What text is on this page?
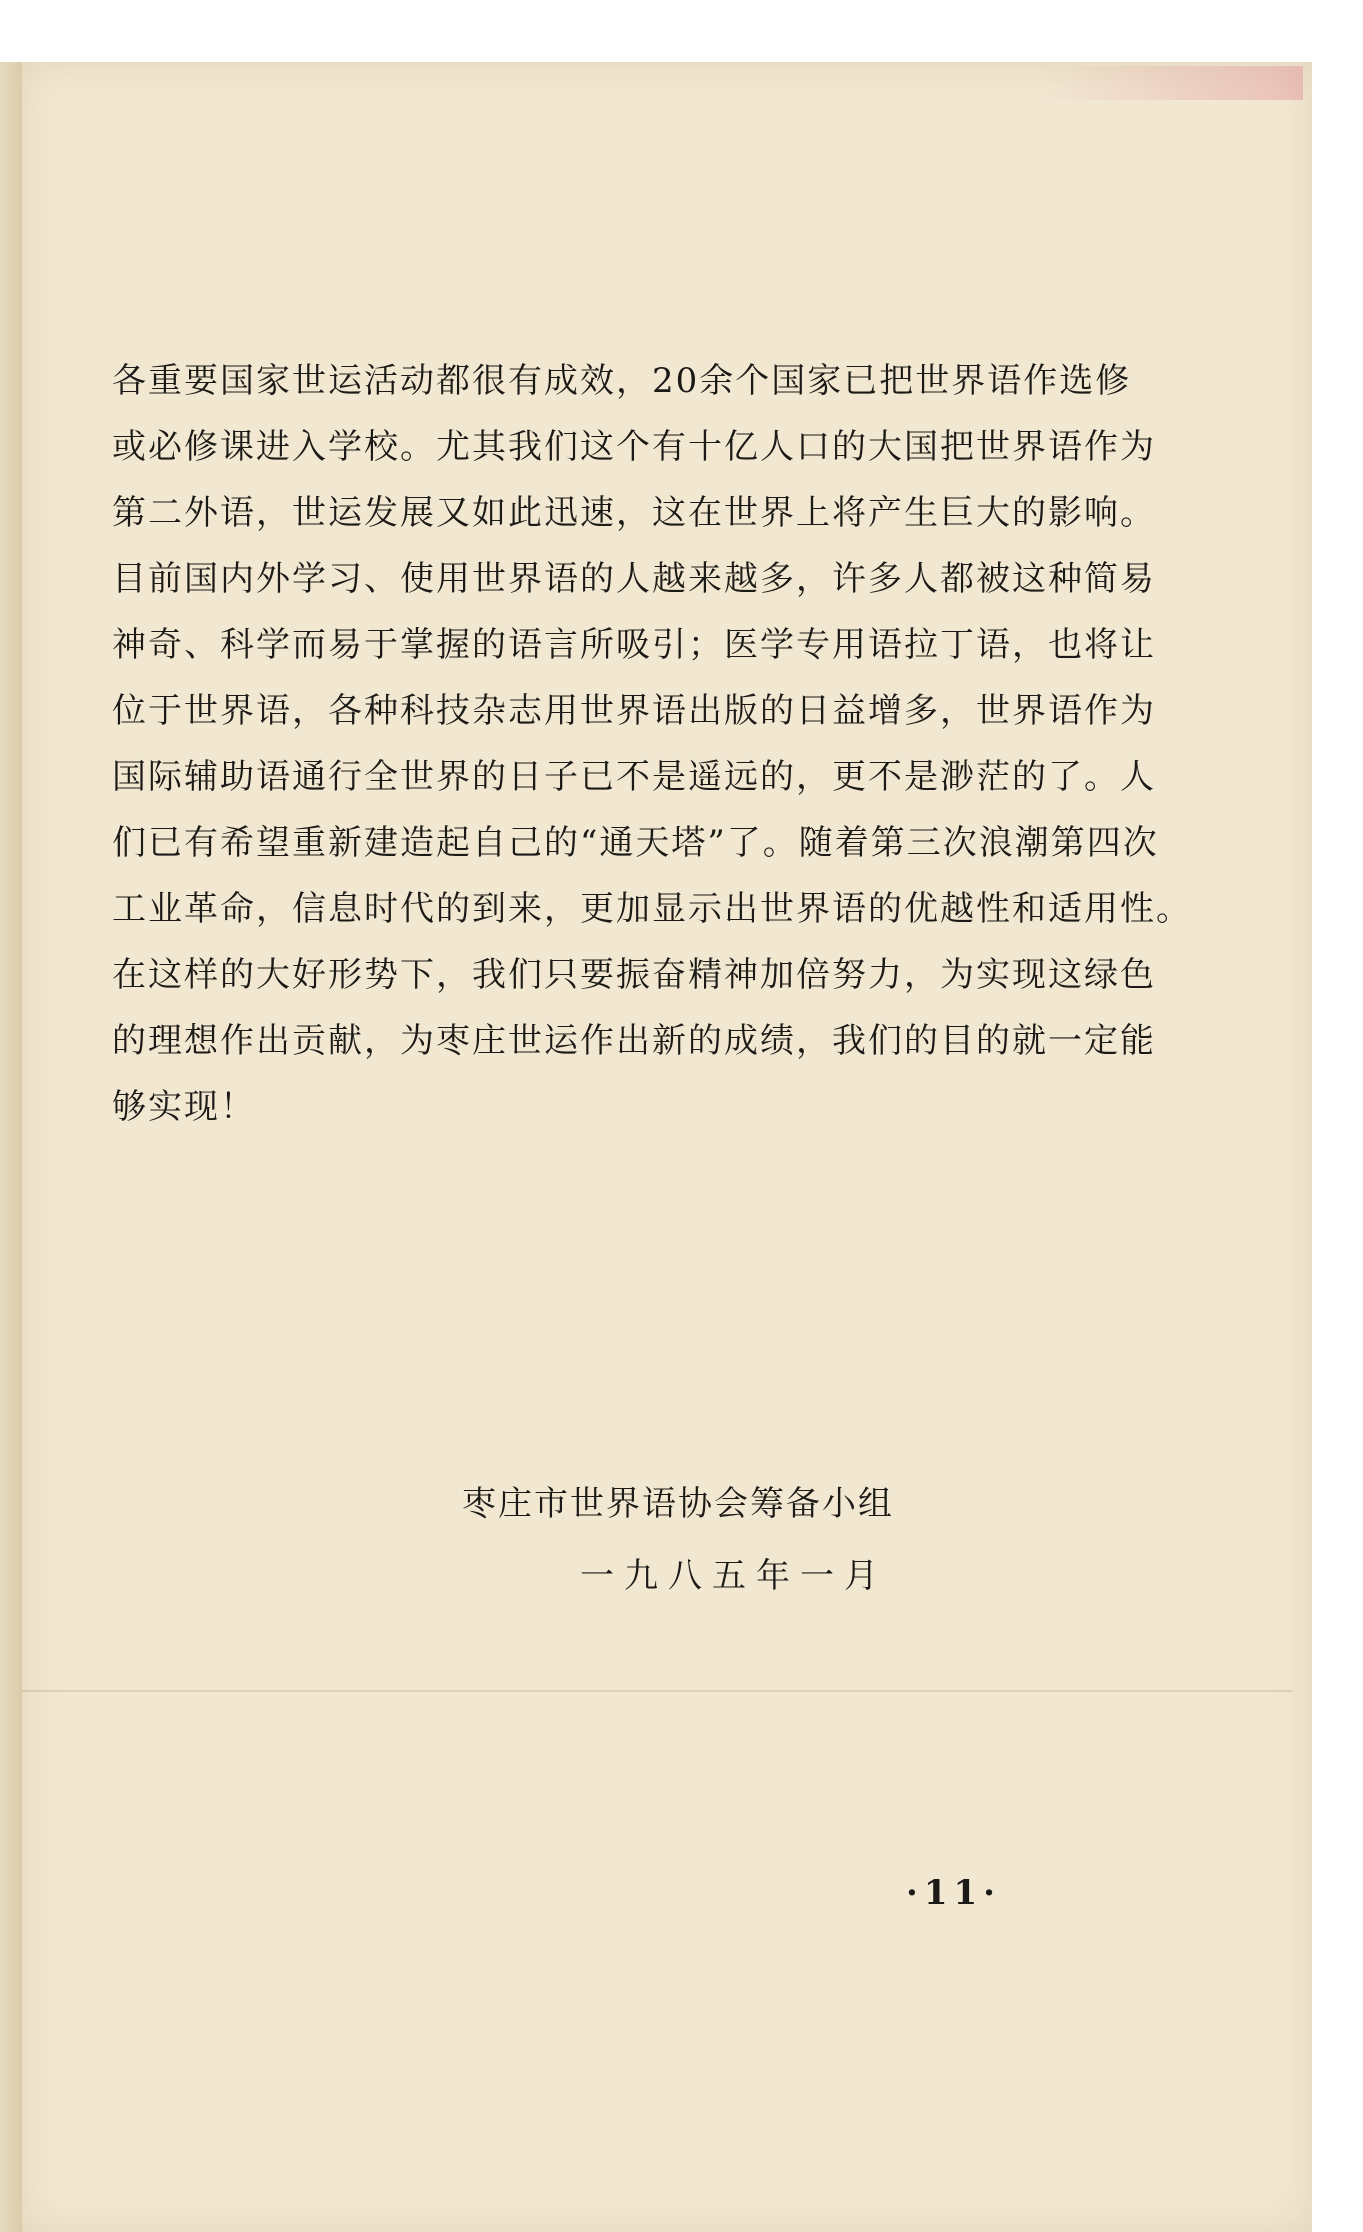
各重要国家世运活动都很有成效，20余个国家已把世界语作选修
或必修课进入学校。尤其我们这个有十亿人口的大国把世界语作为
第二外语，世运发展又如此迅速，这在世界上将产生巨大的影响。
目前国内外学习、使用世界语的人越来越多，许多人都被这种简易
神奇、科学而易于掌握的语言所吸引；医学专用语拉丁语，也将让
位于世界语，各种科技杂志用世界语出版的日益增多，世界语作为
国际辅助语通行全世界的日子已不是遥远的，更不是渺茫的了。人
们已有希望重新建造起自己的“通天塔”了。随着第三次浪潮第四次
工业革命，信息时代的到来，更加显示出世界语的优越性和适用性。
在这样的大好形势下，我们只要振奋精神加倍努力，为实现这绿色
的理想作出贡献，为枣庄世运作出新的成绩，我们的目的就一定能
够实现！
枣庄市世界语协会筹备小组
一九八五年一月
·11·
